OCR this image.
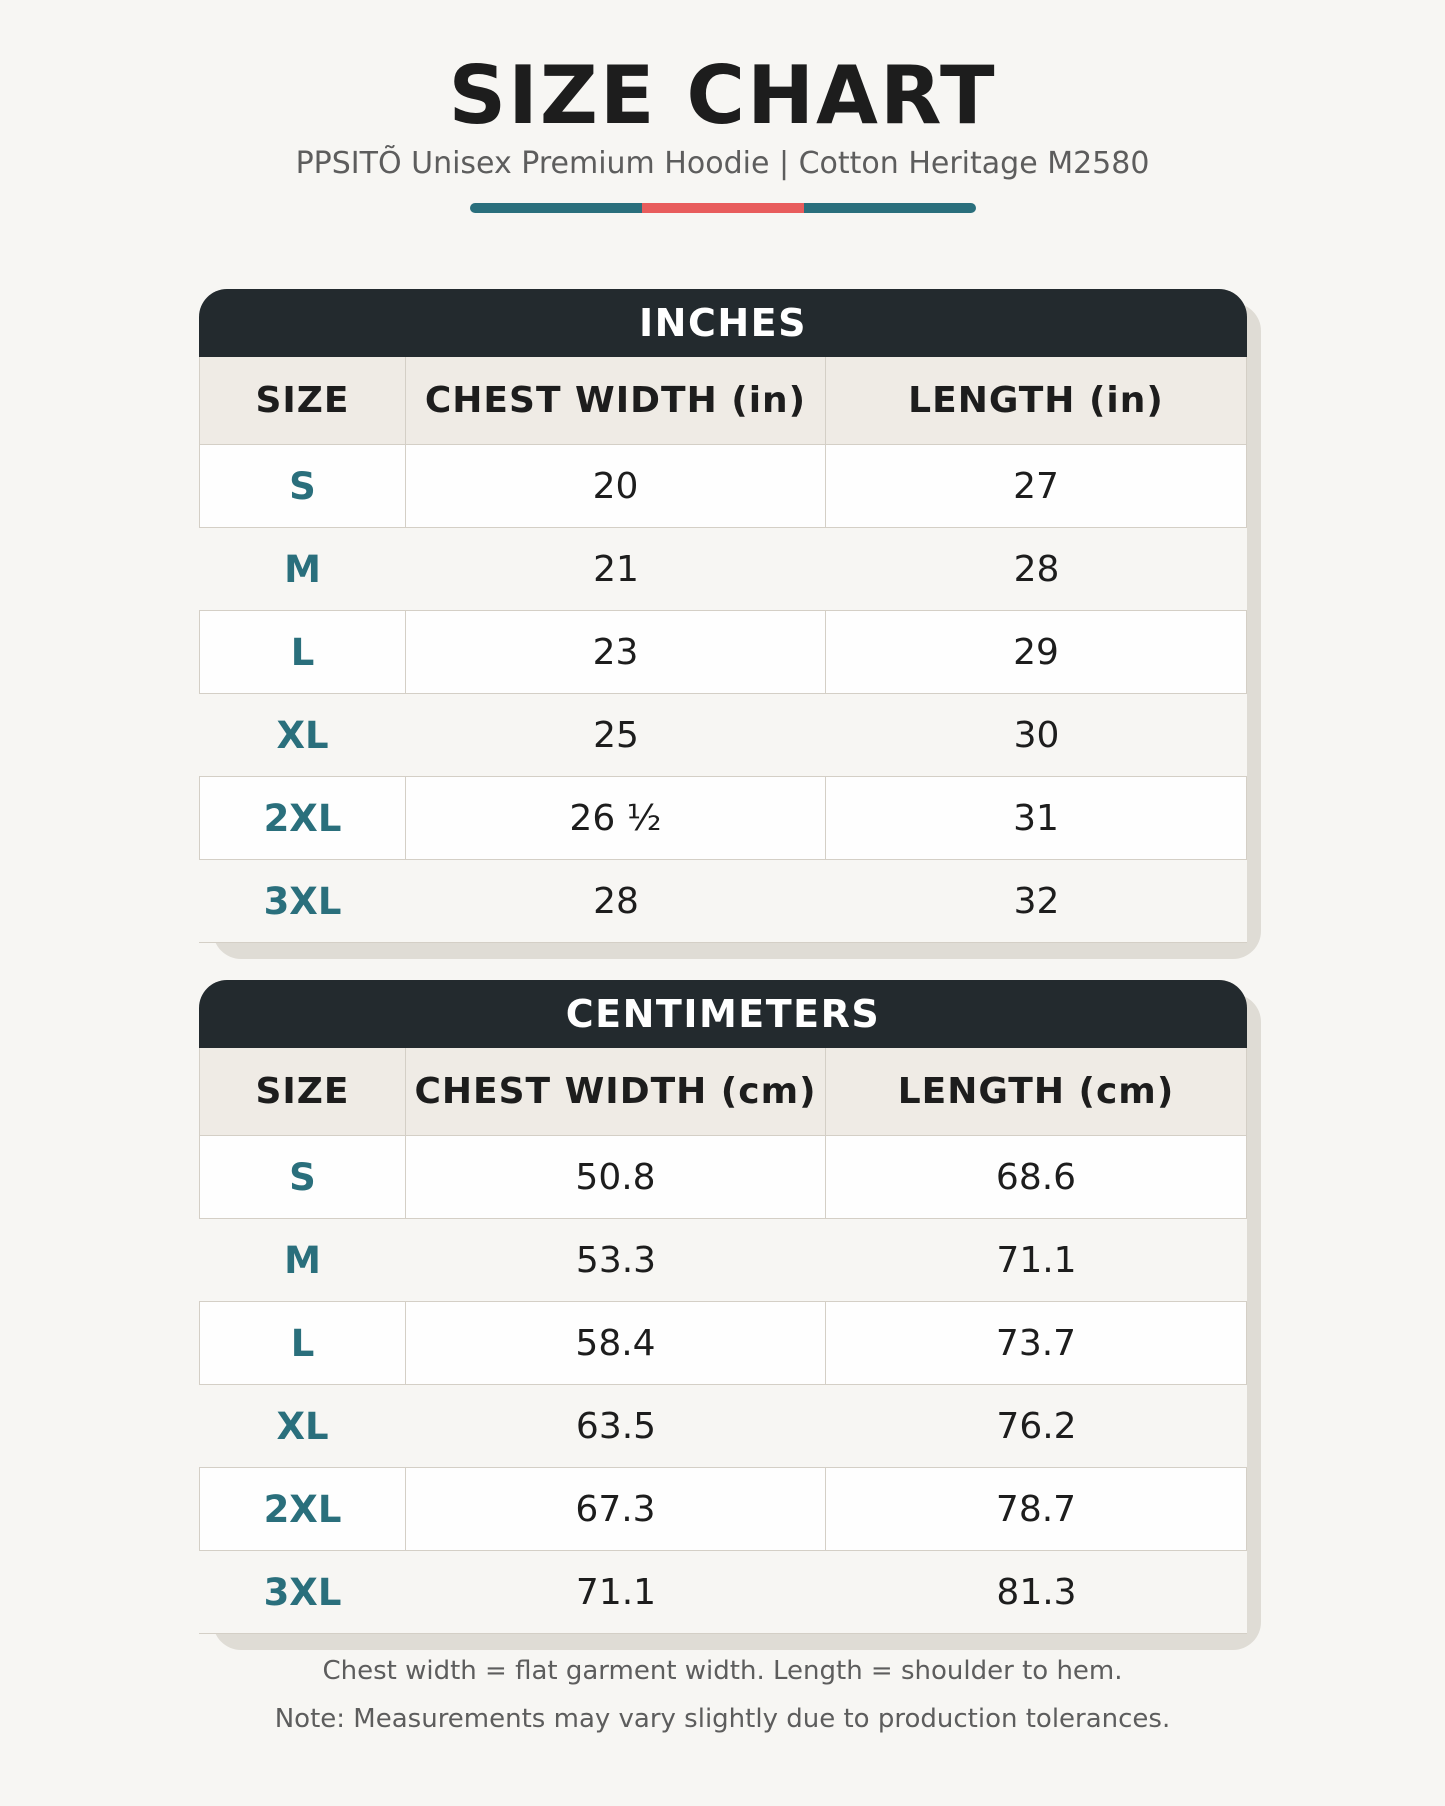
SIZE CHART
PPSITÕ Unisex Premium Hoodie | Cotton Heritage M2580
INCHES
SIZE	CHEST WIDTH (in)	LENGTH (in)
S	20	27
M	21	28
L	23	29
XL	25	30
2XL	26 ½	31
3XL	28	32
CENTIMETERS
SIZE	CHEST WIDTH (cm)	LENGTH (cm)
S	50.8	68.6
M	53.3	71.1
L	58.4	73.7
XL	63.5	76.2
2XL	67.3	78.7
3XL	71.1	81.3
Chest width = flat garment width. Length = shoulder to hem.
Note: Measurements may vary slightly due to production tolerances.
